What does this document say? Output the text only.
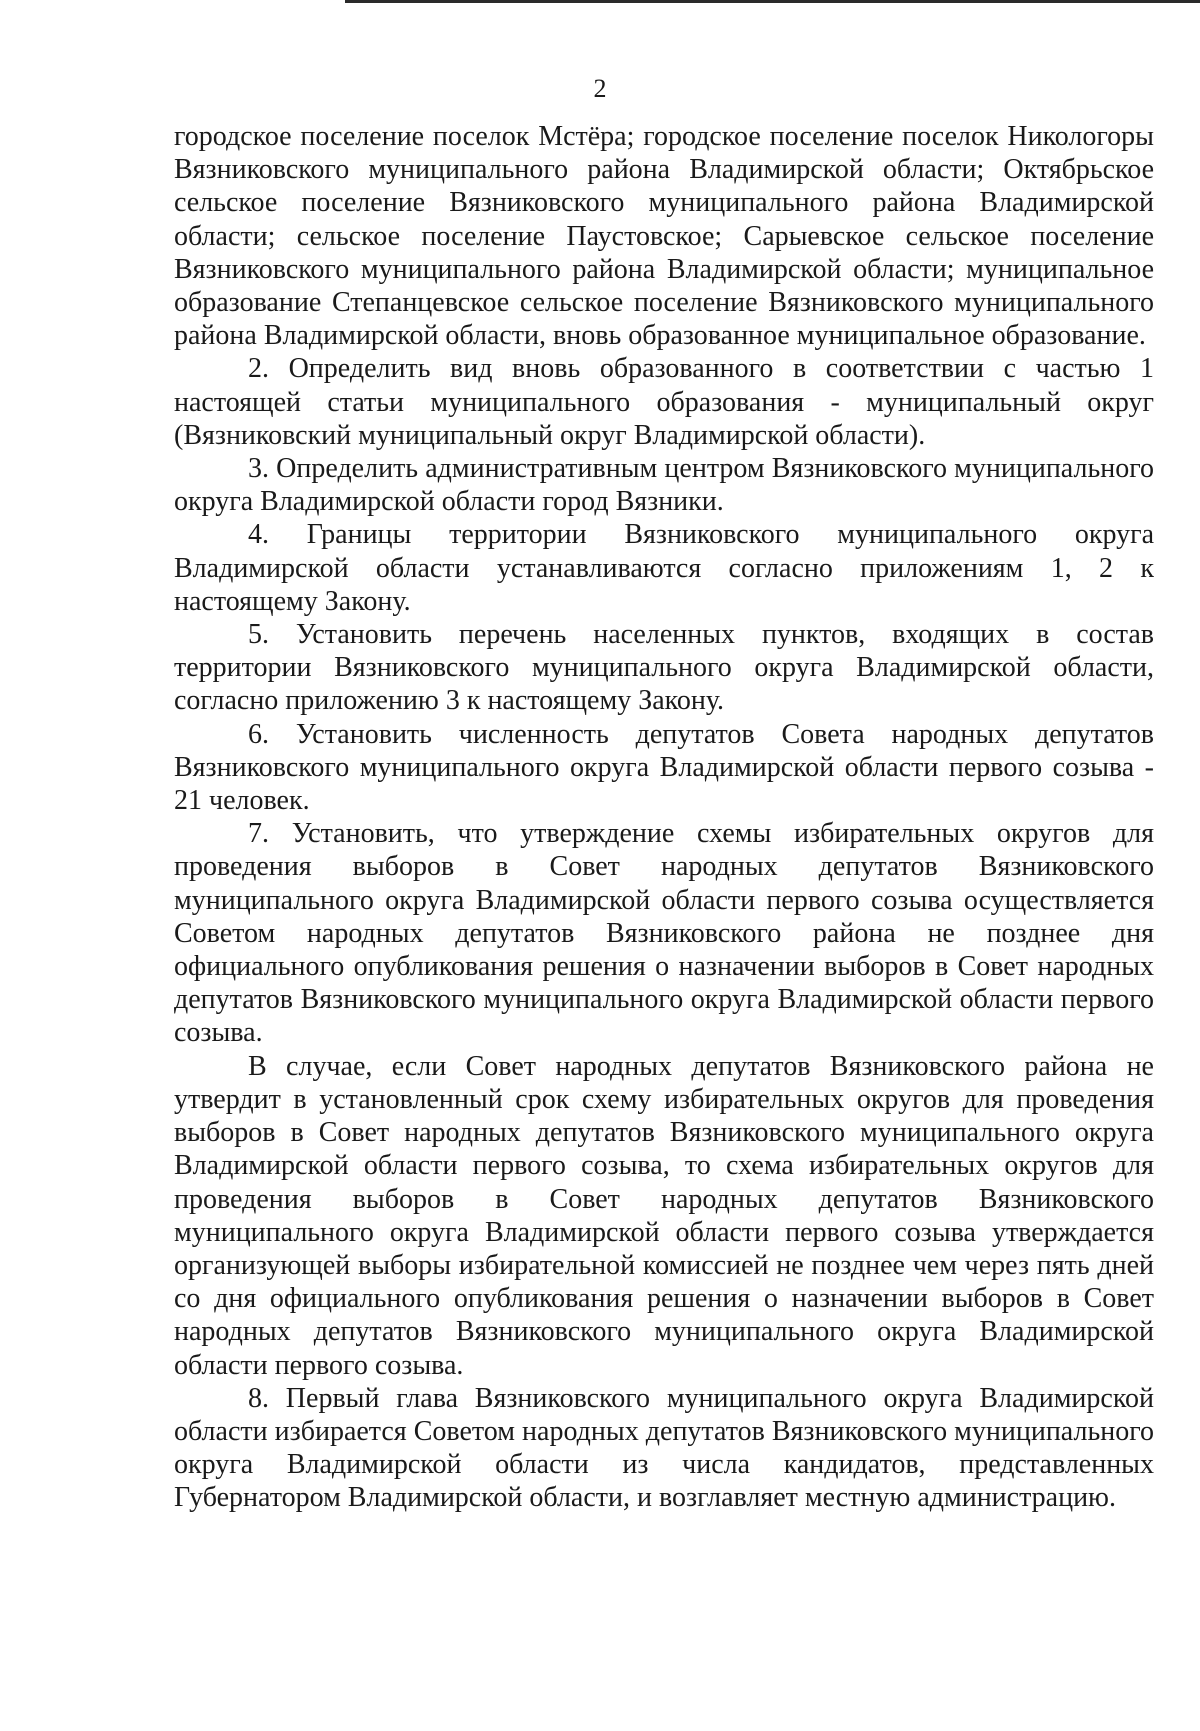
2

городское поселение поселок Мстёра; городское поселение поселок Никологоры Вязниковского муниципального района Владимирской области; Октябрьское сельское поселение Вязниковского муниципального района Владимирской области; сельское поселение Паустовское; Сарыевское сельское поселение Вязниковского муниципального района Владимирской области; муниципальное образование Степанцевское сельское поселение Вязниковского муниципального района Владимирской области, вновь образованное муниципальное образование.

2. Определить вид вновь образованного в соответствии с частью 1 настоящей статьи муниципального образования - муниципальный округ (Вязниковский муниципальный округ Владимирской области).

3. Определить административным центром Вязниковского муниципального округа Владимирской области город Вязники.

4. Границы территории Вязниковского муниципального округа Владимирской области устанавливаются согласно приложениям 1, 2 к настоящему Закону.

5. Установить перечень населенных пунктов, входящих в состав территории Вязниковского муниципального округа Владимирской области, согласно приложению 3 к настоящему Закону.

6. Установить численность депутатов Совета народных депутатов Вязниковского муниципального округа Владимирской области первого созыва - 21 человек.

7. Установить, что утверждение схемы избирательных округов для проведения выборов в Совет народных депутатов Вязниковского муниципального округа Владимирской области первого созыва осуществляется Советом народных депутатов Вязниковского района не позднее дня официального опубликования решения о назначении выборов в Совет народных депутатов Вязниковского муниципального округа Владимирской области первого созыва.

В случае, если Совет народных депутатов Вязниковского района не утвердит в установленный срок схему избирательных округов для проведения выборов в Совет народных депутатов Вязниковского муниципального округа Владимирской области первого созыва, то схема избирательных округов для проведения выборов в Совет народных депутатов Вязниковского муниципального округа Владимирской области первого созыва утверждается организующей выборы избирательной комиссией не позднее чем через пять дней со дня официального опубликования решения о назначении выборов в Совет народных депутатов Вязниковского муниципального округа Владимирской области первого созыва.

8. Первый глава Вязниковского муниципального округа Владимирской области избирается Советом народных депутатов Вязниковского муниципального округа Владимирской области из числа кандидатов, представленных Губернатором Владимирской области, и возглавляет местную администрацию.
